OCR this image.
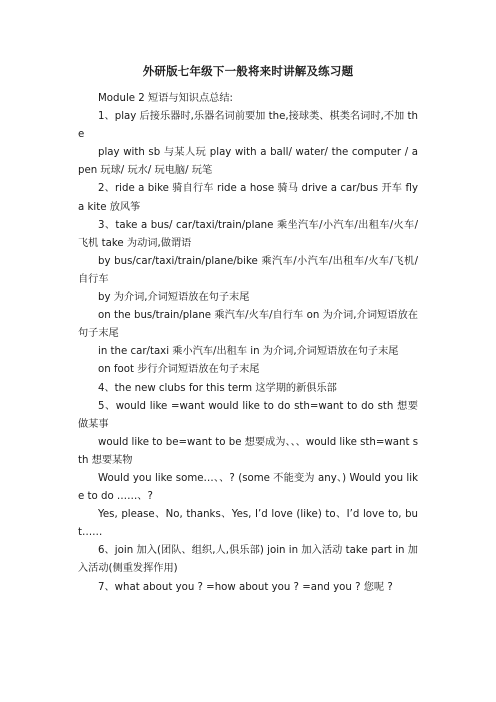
外研版七年级下一般将来时讲解及练习题

Module 2 短语与知识点总结:

1、play 后接乐器时,乐器名词前要加 the,接球类、棋类名词时,不加 the

play with sb 与某人玩 play with a ball/ water/ the computer / a pen 玩球/ 玩水/ 玩电脑/ 玩笔

2、ride a bike 骑自行车 ride a hose 骑马 drive a car/bus 开车 fly a kite 放风筝

3、take a bus/ car/taxi/train/plane 乘坐汽车/小汽车/出租车/火车/飞机 take 为动词,做谓语

by bus/car/taxi/train/plane/bike 乘汽车/小汽车/出租车/火车/飞机/ 自行车

by 为介词,介词短语放在句子末尾

on the bus/train/plane 乘汽车/火车/自行车 on 为介词,介词短语放在句子末尾

in the car/taxi 乘小汽车/出租车 in 为介词,介词短语放在句子末尾

on foot 步行介词短语放在句子末尾

4、the new clubs for this term 这学期的新俱乐部

5、would like =want would like to do sth=want to do sth 想要做某事

would like to be=want to be 想要成为、、、would like sth=want sth 想要某物

Would you like some…、、? (some 不能变为 any、) Would you like to do ……、?

Yes, please、No, thanks、Yes, I’d love (like) to、I’d love to, but……

6、join 加入(团队、组织,人,俱乐部) join in 加入活动 take part in 加入活动(侧重发挥作用)

7、what about you ? =how about you ? =and you ? 您呢 ?
